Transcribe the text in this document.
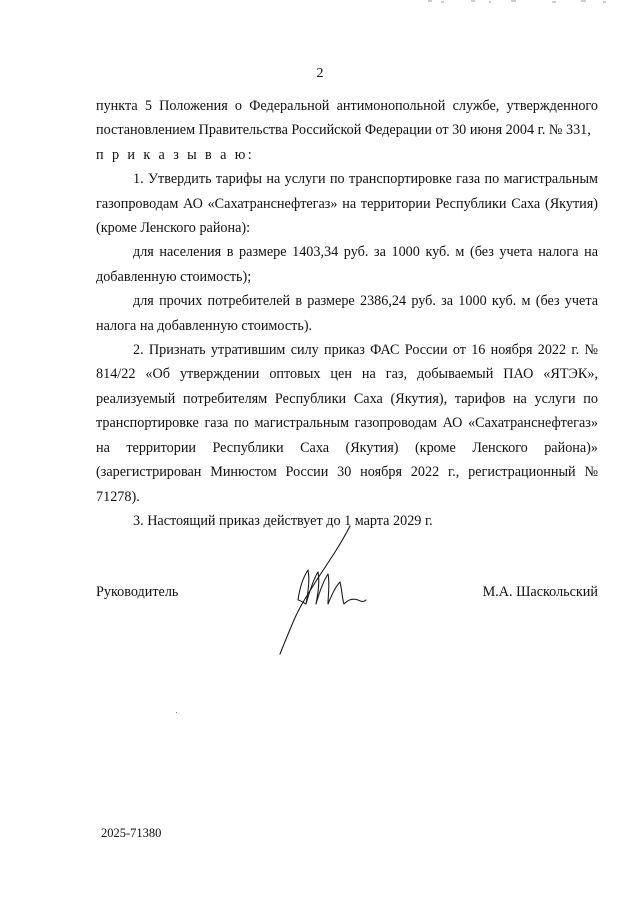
2

пункта 5 Положения о Федеральной антимонопольной службе, утвержденного постановлением Правительства Российской Федерации от 30 июня 2004 г. № 331,

п р и к а з ы в а ю:

1. Утвердить тарифы на услуги по транспортировке газа по магистральным газопроводам АО «Сахатранснефтегаз» на территории Республики Саха (Якутия) (кроме Ленского района):

для населения в размере 1403,34 руб. за 1000 куб. м (без учета налога на добавленную стоимость);

для прочих потребителей в размере 2386,24 руб. за 1000 куб. м (без учета налога на добавленную стоимость).

2. Признать утратившим силу приказ ФАС России от 16 ноября 2022 г. № 814/22 «Об утверждении оптовых цен на газ, добываемый ПАО «ЯТЭК», реализуемый потребителям Республики Саха (Якутия), тарифов на услуги по транспортировке газа по магистральным газопроводам АО «Сахатранснефтегаз» на территории Республики Саха (Якутия) (кроме Ленского района)» (зарегистрирован Минюстом России 30 ноября 2022 г., регистрационный № 71278).

3. Настоящий приказ действует до 1 марта 2029 г.

Руководитель	М.А. Шаскольский
2025-71380
